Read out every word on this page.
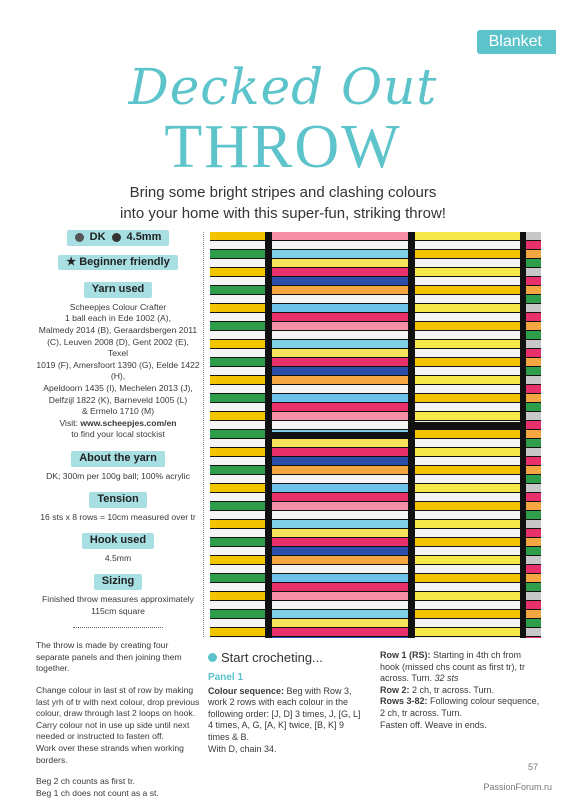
Blanket
Decked Out
THROW
Bring some bright stripes and clashing colours
into your home with this super-fun, striking throw!
DK 4.5mm
★ Beginner friendly
Yarn used
Scheepjes Colour Crafter
1 ball each in Ede 1002 (A),
Malmedy 2014 (B), Geraardsbergen 2011
(C), Leuven 2008 (D), Gent 2002 (E), Texel
1019 (F), Amersfoort 1390 (G), Eelde 1422 (H),
Apeldoorn 1435 (I), Mechelen 2013 (J),
Delfzijl 1822 (K), Barneveld 1005 (L)
& Ermelo 1710 (M)
Visit: www.scheepjes.com/en
to find your local stockist
About the yarn
DK; 300m per 100g ball; 100% acrylic
Tension
16 sts x 8 rows = 10cm measured over tr
Hook used
4.5mm
Sizing
Finished throw measures approximately
115cm square
The throw is made by creating four separate panels and then joining them together.
Change colour in last st of row by making last yrh of tr with next colour, drop previous colour, draw through last 2 loops on hook. Carry colour not in use up side until next needed or instructed to fasten off.
Work over these strands when working borders.
Beg 2 ch counts as first tr.
Beg 1 ch does not count as a st.
Start crocheting...
Panel 1
Colour sequence: Beg with Row 3, work 2 rows with each colour in the following order: [J, D] 3 times, J, [G, L] 4 times, A, G, [A, K] twice, [B, K] 9 times & B.
With D, chain 34.
Row 1 (RS): Starting in 4th ch from hook (missed chs count as first tr), tr across. Turn. 32 sts
Row 2: 2 ch, tr across. Turn.
Rows 3-82: Following colour sequence, 2 ch, tr across. Turn.
Fasten off. Weave in ends.
57
PassionForum.ru
